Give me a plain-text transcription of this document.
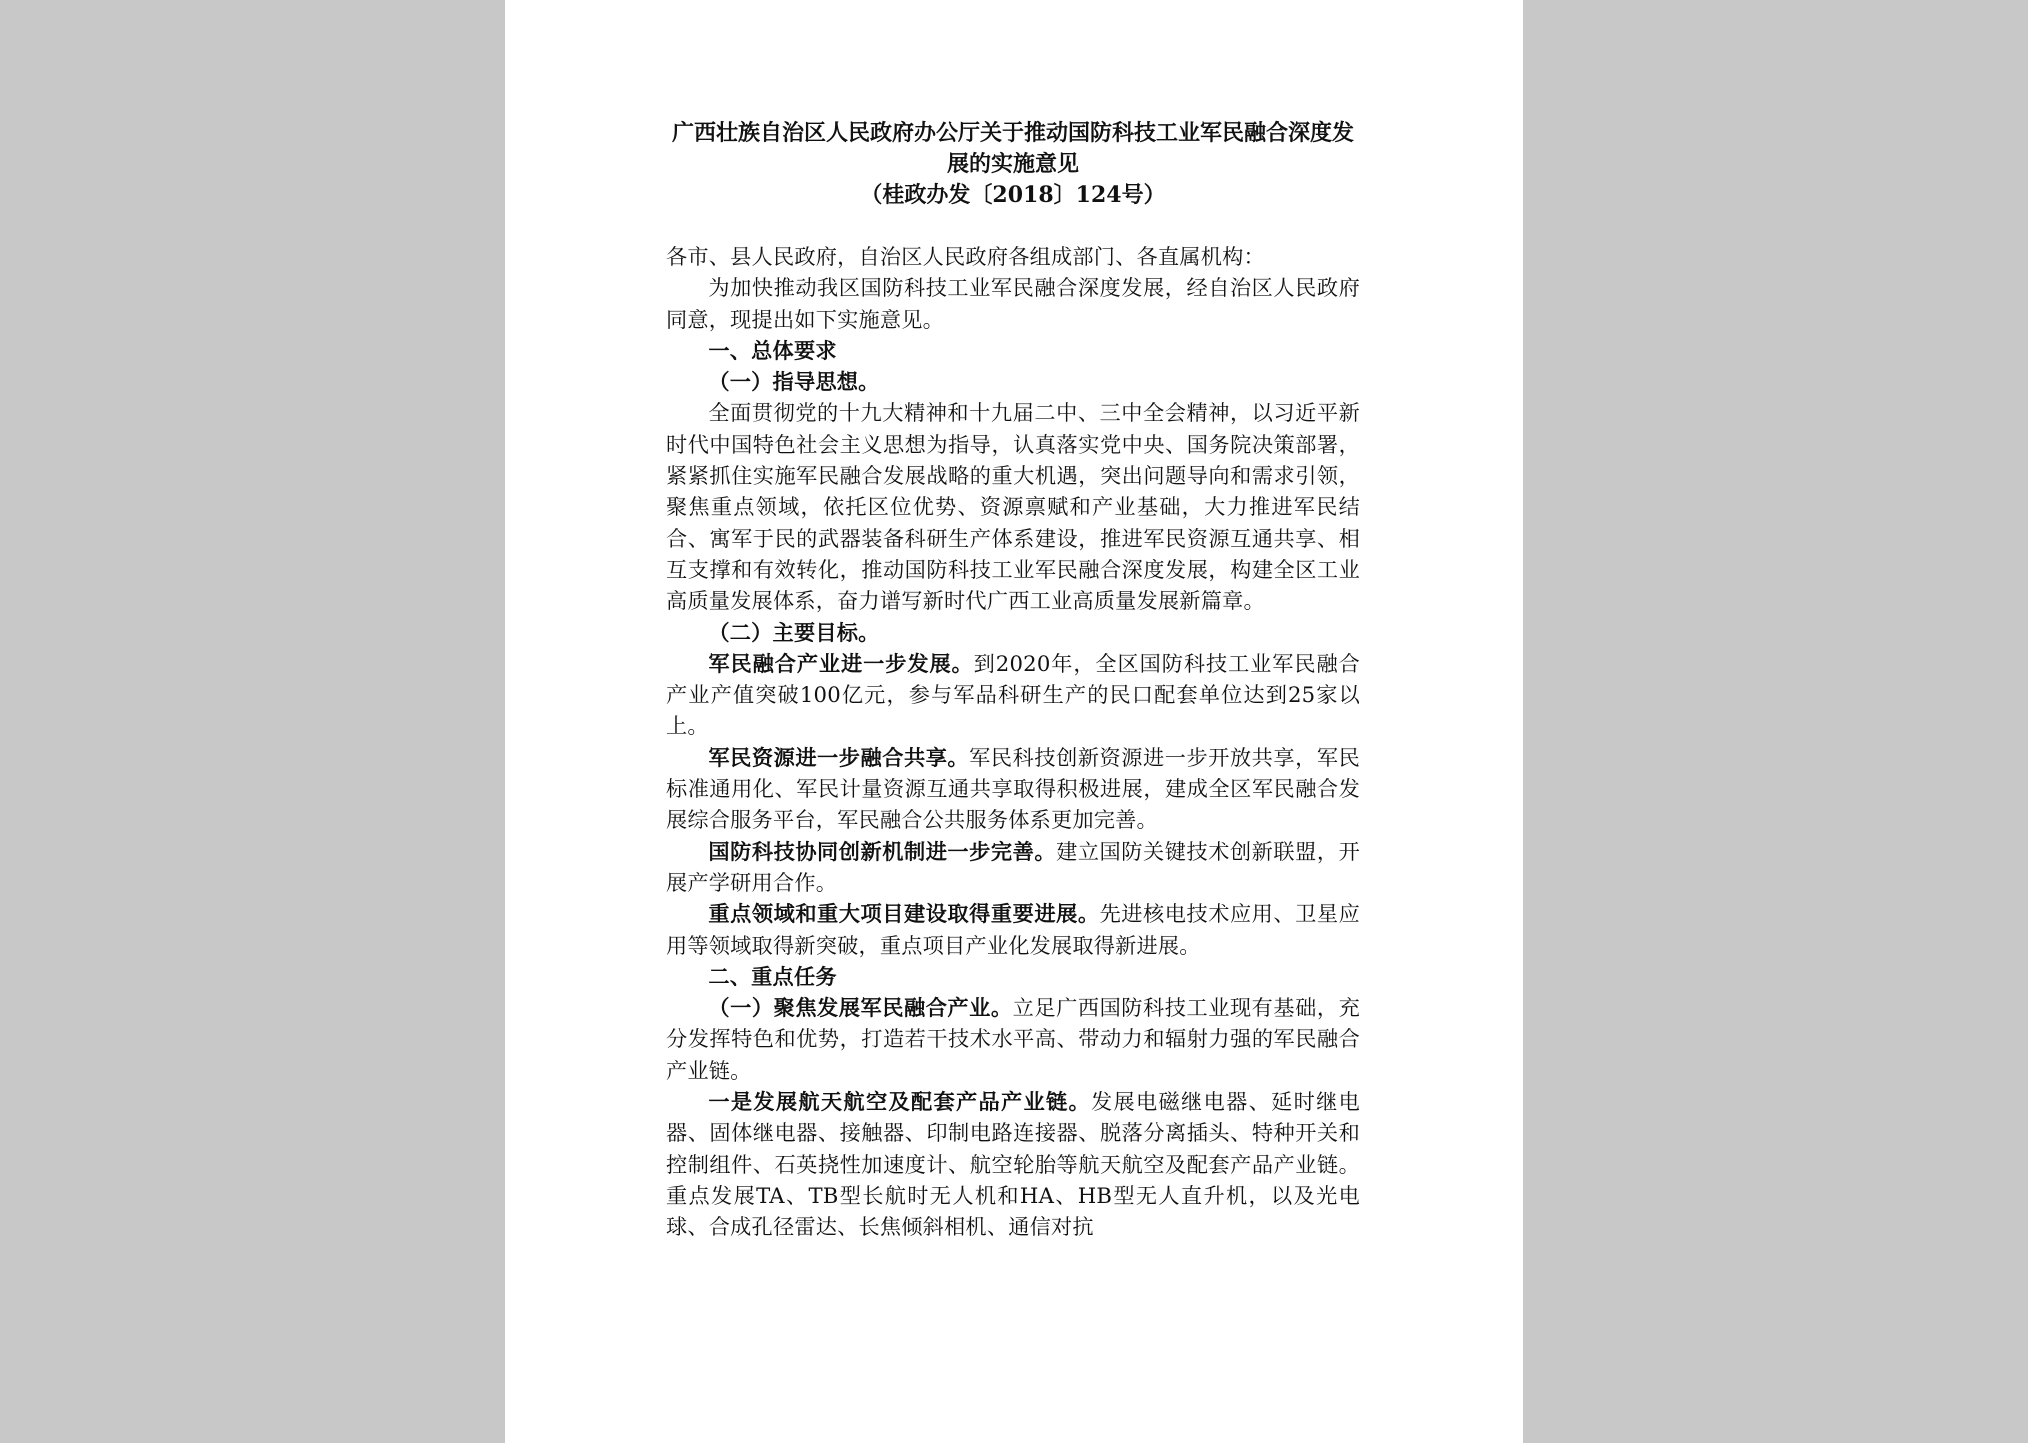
广西壮族自治区人民政府办公厅关于推动国防科技工业军民融合深度发展的实施意见

（桂政办发〔2018〕124号）

各市、县人民政府，自治区人民政府各组成部门、各直属机构：

为加快推动我区国防科技工业军民融合深度发展，经自治区人民政府同意，现提出如下实施意见。

一、总体要求

（一）指导思想。

全面贯彻党的十九大精神和十九届二中、三中全会精神，以习近平新时代中国特色社会主义思想为指导，认真落实党中央、国务院决策部署，紧紧抓住实施军民融合发展战略的重大机遇，突出问题导向和需求引领，聚焦重点领域，依托区位优势、资源禀赋和产业基础，大力推进军民结合、寓军于民的武器装备科研生产体系建设，推进军民资源互通共享、相互支撑和有效转化，推动国防科技工业军民融合深度发展，构建全区工业高质量发展体系，奋力谱写新时代广西工业高质量发展新篇章。

（二）主要目标。

军民融合产业进一步发展。到2020年，全区国防科技工业军民融合产业产值突破100亿元，参与军品科研生产的民口配套单位达到25家以上。

军民资源进一步融合共享。军民科技创新资源进一步开放共享，军民标准通用化、军民计量资源互通共享取得积极进展，建成全区军民融合发展综合服务平台，军民融合公共服务体系更加完善。

国防科技协同创新机制进一步完善。建立国防关键技术创新联盟，开展产学研用合作。

重点领域和重大项目建设取得重要进展。先进核电技术应用、卫星应用等领域取得新突破，重点项目产业化发展取得新进展。

二、重点任务

（一）聚焦发展军民融合产业。立足广西国防科技工业现有基础，充分发挥特色和优势，打造若干技术水平高、带动力和辐射力强的军民融合产业链。

一是发展航天航空及配套产品产业链。发展电磁继电器、延时继电器、固体继电器、接触器、印制电路连接器、脱落分离插头、特种开关和控制组件、石英挠性加速度计、航空轮胎等航天航空及配套产品产业链。重点发展TA、TB型长航时无人机和HA、HB型无人直升机，以及光电球、合成孔径雷达、长焦倾斜相机、通信对抗
